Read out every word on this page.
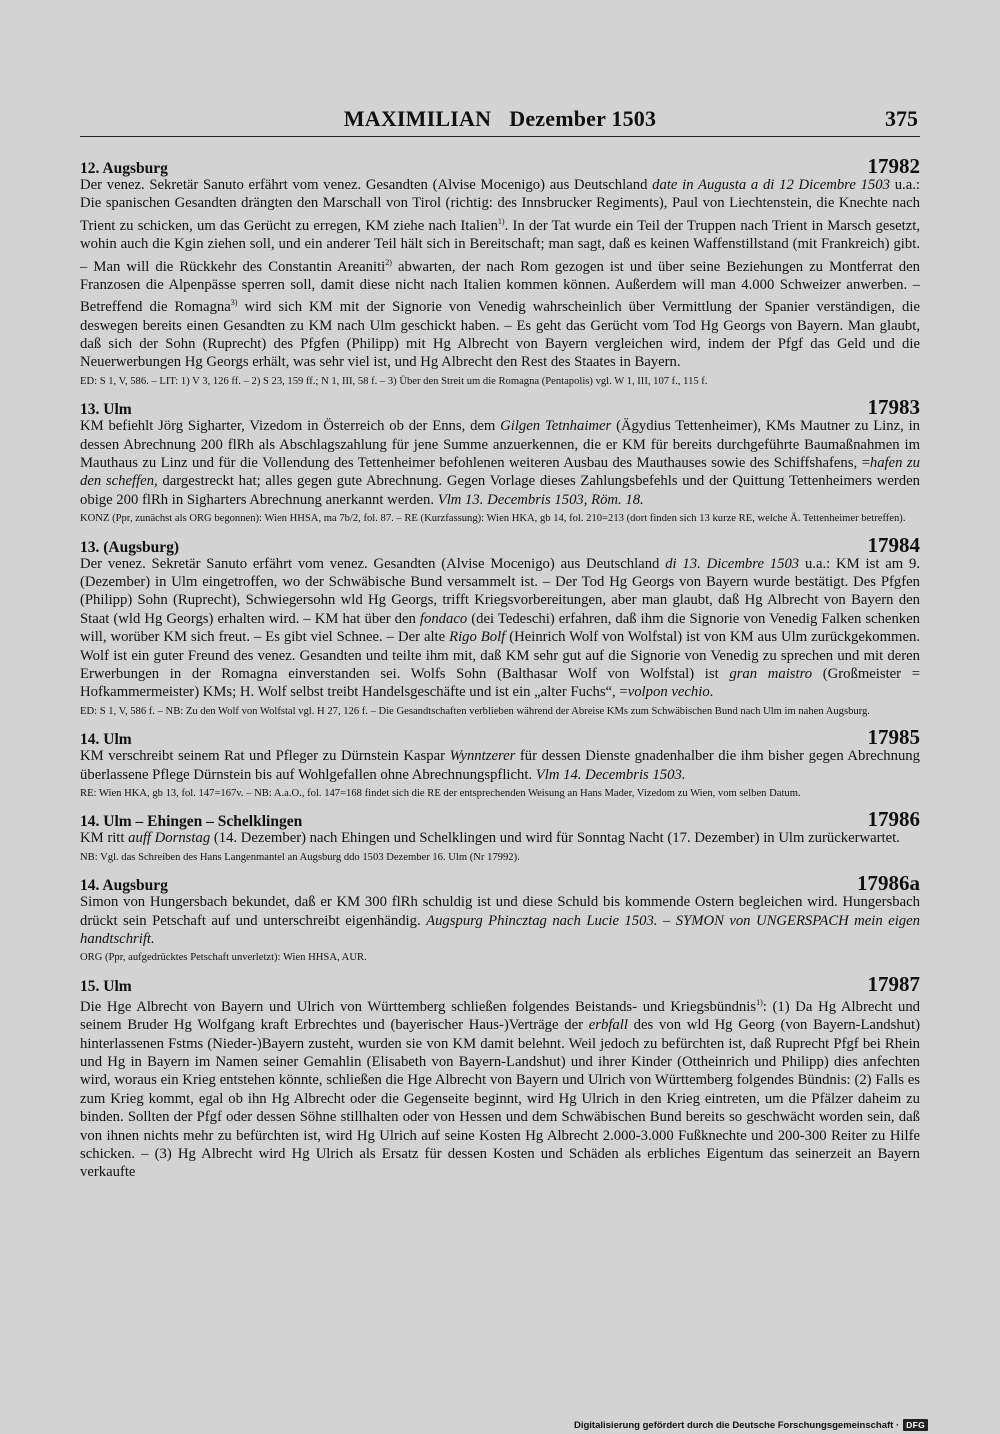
MAXIMILIAN Dezember 1503	375
12. Augsburg	17982

Der venez. Sekretär Sanuto erfährt vom venez. Gesandten (Alvise Mocenigo) aus Deutschland date in Augusta a di 12 Dicembre 1503 u.a.: Die spanischen Gesandten drängten den Marschall von Tirol (richtig: des Innsbrucker Regiments), Paul von Liechtenstein, die Knechte nach Trient zu schicken, um das Gerücht zu erregen, KM ziehe nach Italien$^{1)}$. In der Tat wurde ein Teil der Truppen nach Trient in Marsch gesetzt, wohin auch die Kgin ziehen soll, und ein anderer Teil hält sich in Bereitschaft; man sagt, daß es keinen Waffenstillstand (mit Frankreich) gibt. – Man will die Rückkehr des Constantin Areaniti$^{2)}$ abwarten, der nach Rom gezogen ist und über seine Beziehungen zu Montferrat den Franzosen die Alpenpässe sperren soll, damit diese nicht nach Italien kommen können. Außerdem will man 4.000 Schweizer anwerben. – Betreffend die Romagna$^{3)}$ wird sich KM mit der Signorie von Venedig wahrscheinlich über Vermittlung der Spanier verständigen, die deswegen bereits einen Gesandten zu KM nach Ulm geschickt haben. – Es geht das Gerücht vom Tod Hg Georgs von Bayern. Man glaubt, daß sich der Sohn (Ruprecht) des Pfgfen (Philipp) mit Hg Albrecht von Bayern vergleichen wird, indem der Pfgf das Geld und die Neuerwerbungen Hg Georgs erhält, was sehr viel ist, und Hg Albrecht den Rest des Staates in Bayern.

ED: S 1, V, 586. – LIT: 1) V 3, 126 ff. – 2) S 23, 159 ff.; N 1, III, 58 f. – 3) Über den Streit um die Romagna (Pentapolis) vgl. W 1, III, 107 f., 115 f.
13. Ulm	17983

KM befiehlt Jörg Sigharter, Vizedom in Österreich ob der Enns, dem Gilgen Tetnhaimer (Ägydius Tettenheimer), KMs Mautner zu Linz, in dessen Abrechnung 200 flRh als Abschlagszahlung für jene Summe anzuerkennen, die er KM für bereits durchgeführte Baumaßnahmen im Mauthaus zu Linz und für die Vollendung des Tettenheimer befohlenen weiteren Ausbau des Mauthauses sowie des Schiffshafens, =hafen zu den scheffen, dargestreckt hat; alles gegen gute Abrechnung. Gegen Vorlage dieses Zahlungsbefehls und der Quittung Tettenheimers werden obige 200 flRh in Sigharters Abrechnung anerkannt werden. Vlm 13. Decembris 1503, Röm. 18.

KONZ (Ppr, zunächst als ORG begonnen): Wien HHSA, ma 7b/2, fol. 87. – RE (Kurzfassung): Wien HKA, gb 14, fol. 210=213 (dort finden sich 13 kurze RE, welche Ä. Tettenheimer betreffen).
13. (Augsburg)	17984

Der venez. Sekretär Sanuto erfährt vom venez. Gesandten (Alvise Mocenigo) aus Deutschland di 13. Dicembre 1503 u.a.: KM ist am 9. (Dezember) in Ulm eingetroffen, wo der Schwäbische Bund versammelt ist. – Der Tod Hg Georgs von Bayern wurde bestätigt. Des Pfgfen (Philipp) Sohn (Ruprecht), Schwiegersohn wld Hg Georgs, trifft Kriegsvorbereitungen, aber man glaubt, daß Hg Albrecht von Bayern den Staat (wld Hg Georgs) erhalten wird. – KM hat über den fondaco (dei Tedeschi) erfahren, daß ihm die Signorie von Venedig Falken schenken will, worüber KM sich freut. – Es gibt viel Schnee. – Der alte Rigo Bolf (Heinrich Wolf von Wolfstal) ist von KM aus Ulm zurückgekommen. Wolf ist ein guter Freund des venez. Gesandten und teilte ihm mit, daß KM sehr gut auf die Signorie von Venedig zu sprechen und mit deren Erwerbungen in der Romagna einverstanden sei. Wolfs Sohn (Balthasar Wolf von Wolfstal) ist gran maistro (Großmeister = Hofkammermeister) KMs; H. Wolf selbst treibt Handelsgeschäfte und ist ein „alter Fuchs“, =volpon vechio.

ED: S 1, V, 586 f. – NB: Zu den Wolf von Wolfstal vgl. H 27, 126 f. – Die Gesandtschaften verblieben während der Abreise KMs zum Schwäbischen Bund nach Ulm im nahen Augsburg.
14. Ulm	17985

KM verschreibt seinem Rat und Pfleger zu Dürnstein Kaspar Wynntzerer für dessen Dienste gnadenhalber die ihm bisher gegen Abrechnung überlassene Pflege Dürnstein bis auf Wohlgefallen ohne Abrechnungspflicht. Vlm 14. Decembris 1503.

RE: Wien HKA, gb 13, fol. 147=167v. – NB: A.a.O., fol. 147=168 findet sich die RE der entsprechenden Weisung an Hans Mader, Vizedom zu Wien, vom selben Datum.
14. Ulm – Ehingen – Schelklingen	17986

KM ritt auff Dornstag (14. Dezember) nach Ehingen und Schelklingen und wird für Sonntag Nacht (17. Dezember) in Ulm zurückerwartet.

NB: Vgl. das Schreiben des Hans Langenmantel an Augsburg ddo 1503 Dezember 16. Ulm (Nr 17992).
14. Augsburg	17986a

Simon von Hungersbach bekundet, daß er KM 300 flRh schuldig ist und diese Schuld bis kommende Ostern begleichen wird. Hungersbach drückt sein Petschaft auf und unterschreibt eigenhändig. Augspurg Phincztag nach Lucie 1503. – SYMON von UNGERSPACH mein eigen handtschrift.

ORG (Ppr, aufgedrücktes Petschaft unverletzt): Wien HHSA, AUR.
15. Ulm	17987

Die Hge Albrecht von Bayern und Ulrich von Württemberg schließen folgendes Beistands- und Kriegsbündnis$^{1)}$: (1) Da Hg Albrecht und seinem Bruder Hg Wolfgang kraft Erbrechtes und (bayerischer Haus-)Verträge der erbfall des von wld Hg Georg (von Bayern-Landshut) hinterlassenen Fstms (Nieder-)Bayern zusteht, wurden sie von KM damit belehnt. Weil jedoch zu befürchten ist, daß Ruprecht Pfgf bei Rhein und Hg in Bayern im Namen seiner Gemahlin (Elisabeth von Bayern-Landshut) und ihrer Kinder (Ottheinrich und Philipp) dies anfechten wird, woraus ein Krieg entstehen könnte, schließen die Hge Albrecht von Bayern und Ulrich von Württemberg folgendes Bündnis: (2) Falls es zum Krieg kommt, egal ob ihn Hg Albrecht oder die Gegenseite beginnt, wird Hg Ulrich in den Krieg eintreten, um die Pfälzer daheim zu binden. Sollten der Pfgf oder dessen Söhne stillhalten oder von Hessen und dem Schwäbischen Bund bereits so geschwächt worden sein, daß von ihnen nichts mehr zu befürchten ist, wird Hg Ulrich auf seine Kosten Hg Albrecht 2.000-3.000 Fußknechte und 200-300 Reiter zu Hilfe schicken. – (3) Hg Albrecht wird Hg Ulrich als Ersatz für dessen Kosten und Schäden als erbliches Eigentum das seinerzeit an Bayern verkaufte

Digitalisierung gefördert durch die Deutsche Forschungsgemeinschaft · DFG
